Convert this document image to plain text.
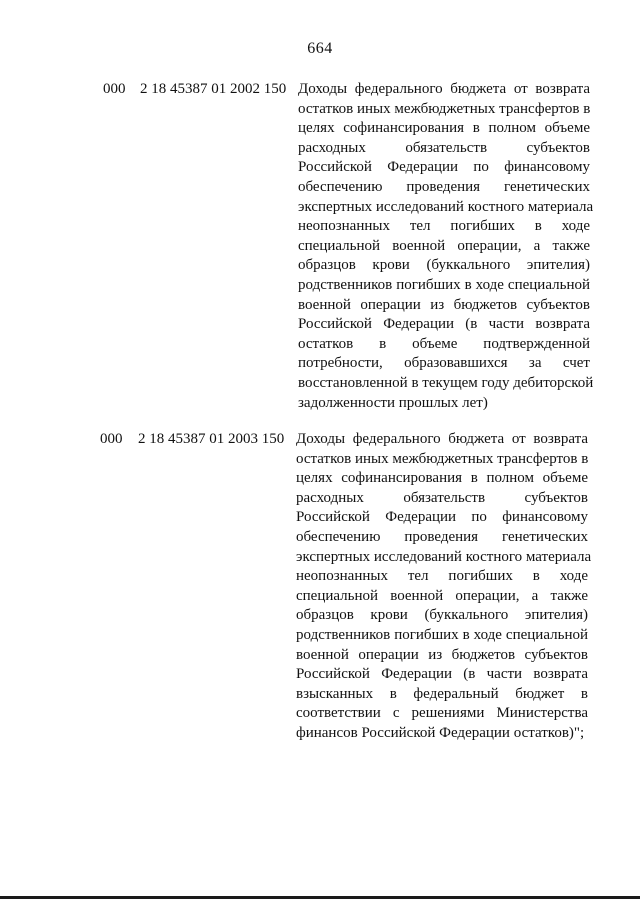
664
000 2 18 45387 01 2002 150 Доходы федерального бюджета от возврата
остатков иных межбюджетных трансфертов в
целях софинансирования в полном объеме
расходных	обязательств	субъектов
Российской Федерации по финансовому
обеспечению проведения генетических
экспертных исследований костного материала
неопознанных тел погибших в ходе
специальной военной операции, а также
образцов крови (буккального эпителия)
родственников погибших в ходе специальной
военной операции из бюджетов субъектов
Российской Федерации (в части возврата
остатков в объеме подтвержденной
потребности, образовавшихся за счет
восстановленной в текущем году дебиторской
задолженности прошлых лет)
000 2 18 45387 01 2003 150 Доходы федерального бюджета от возврата
остатков иных межбюджетных трансфертов в
целях софинансирования в полном объеме
расходных	обязательств	субъектов
Российской Федерации по финансовому
обеспечению проведения генетических
экспертных исследований костного материала
неопознанных тел погибших в ходе
специальной военной операции, а также
образцов крови (буккального эпителия)
родственников погибших в ходе специальной
военной операции из бюджетов субъектов
Российской Федерации (в части возврата
взысканных в федеральный бюджет в
соответствии с решениями Министерства
финансов Российской Федерации остатков)";
